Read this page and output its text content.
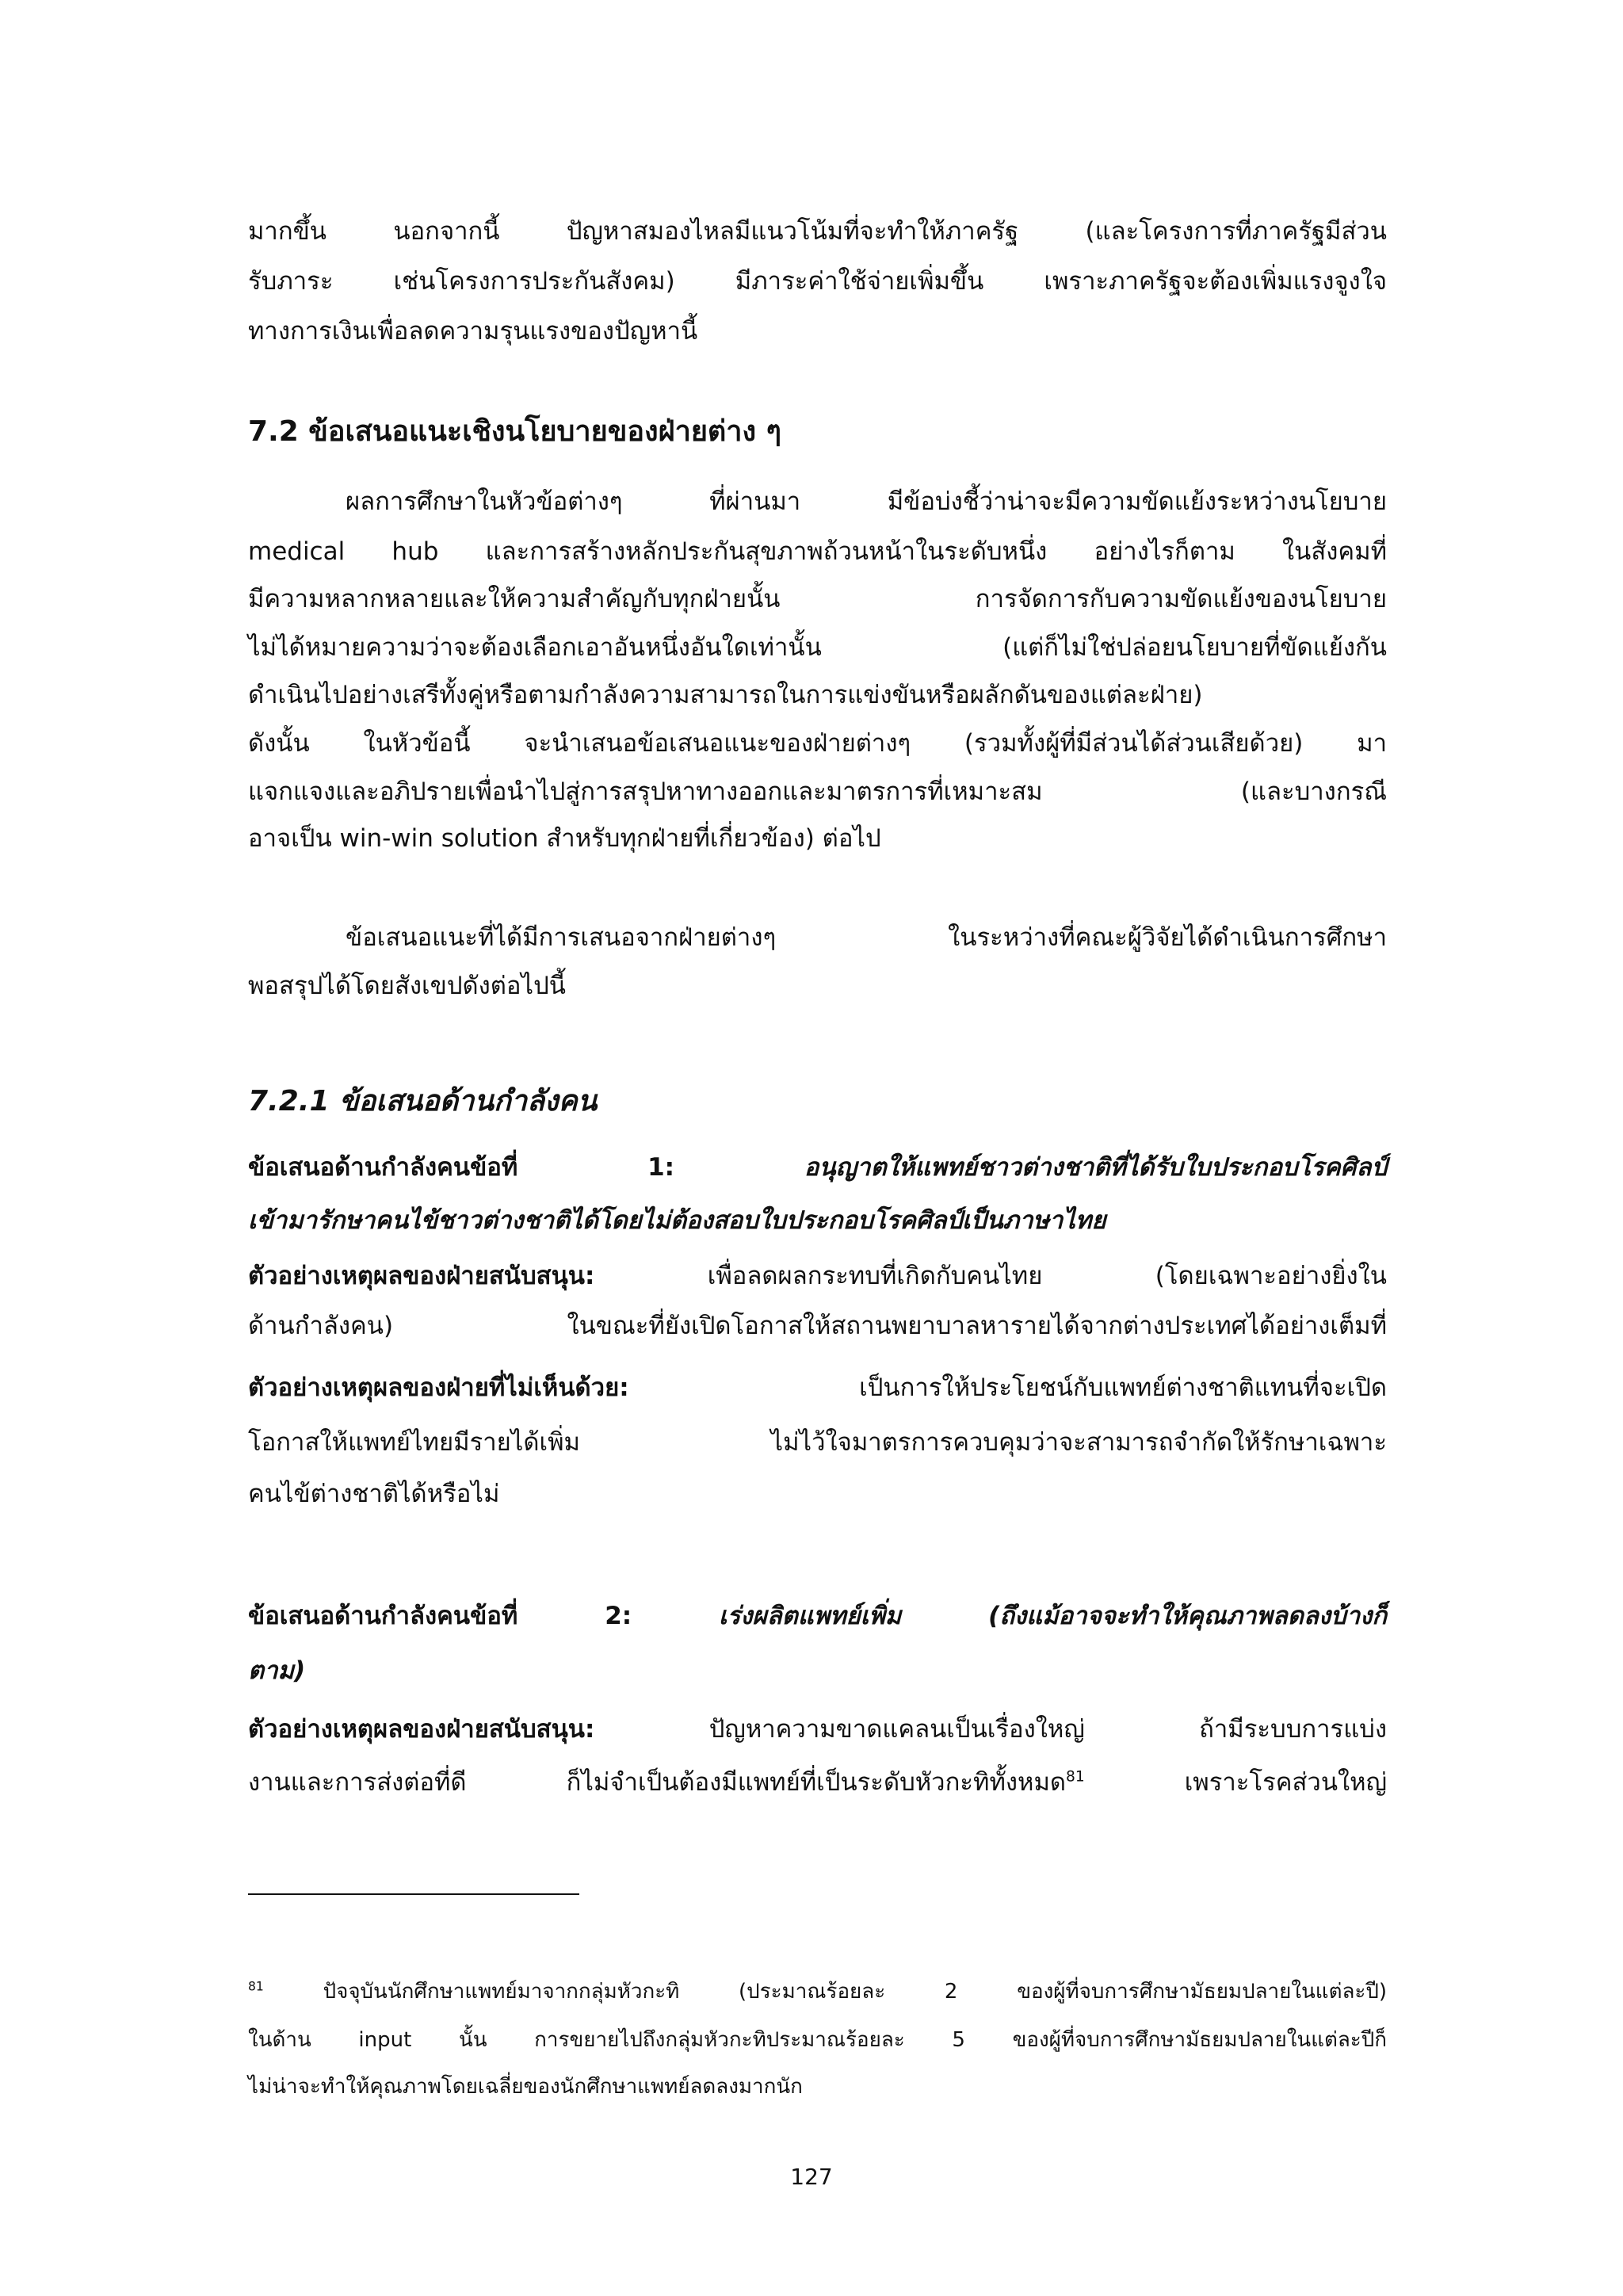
มากขึ้น นอกจากนี้ ปัญหาสมองไหลมีแนวโน้มที่จะทำให้ภาครัฐ (และโครงการที่ภาครัฐมีส่วน
รับภาระ เช่นโครงการประกันสังคม) มีภาระค่าใช้จ่ายเพิ่มขึ้น เพราะภาครัฐจะต้องเพิ่มแรงจูงใจ
ทางการเงินเพื่อลดความรุนแรงของปัญหานี้
7.2 ข้อเสนอแนะเชิงนโยบายของฝ่ายต่าง ๆ
ผลการศึกษาในหัวข้อต่างๆ ที่ผ่านมา มีข้อบ่งชี้ว่าน่าจะมีความขัดแย้งระหว่างนโยบาย
medical hub และการสร้างหลักประกันสุขภาพถ้วนหน้าในระดับหนึ่ง อย่างไรก็ตาม ในสังคมที่
มีความหลากหลายและให้ความสำคัญกับทุกฝ่ายนั้น การจัดการกับความขัดแย้งของนโยบาย
ไม่ได้หมายความว่าจะต้องเลือกเอาอันหนึ่งอันใดเท่านั้น (แต่ก็ไม่ใช่ปล่อยนโยบายที่ขัดแย้งกัน
ดำเนินไปอย่างเสรีทั้งคู่หรือตามกำลังความสามารถในการแข่งขันหรือผลักดันของแต่ละฝ่าย)
ดังนั้น ในหัวข้อนี้ จะนำเสนอข้อเสนอแนะของฝ่ายต่างๆ (รวมทั้งผู้ที่มีส่วนได้ส่วนเสียด้วย) มา
แจกแจงและอภิปรายเพื่อนำไปสู่การสรุปหาทางออกและมาตรการที่เหมาะสม (และบางกรณี
อาจเป็น win-win solution สำหรับทุกฝ่ายที่เกี่ยวข้อง) ต่อไป
ข้อเสนอแนะที่ได้มีการเสนอจากฝ่ายต่างๆ ในระหว่างที่คณะผู้วิจัยได้ดำเนินการศึกษา
พอสรุปได้โดยสังเขปดังต่อไปนี้
7.2.1 ข้อเสนอด้านกำลังคน
ข้อเสนอด้านกำลังคนข้อที่ 1: อนุญาตให้แพทย์ชาวต่างชาติที่ได้รับใบประกอบโรคศิลป์
เข้ามารักษาคนไข้ชาวต่างชาติได้โดยไม่ต้องสอบใบประกอบโรคศิลป์เป็นภาษาไทย
ตัวอย่างเหตุผลของฝ่ายสนับสนุน: เพื่อลดผลกระทบที่เกิดกับคนไทย (โดยเฉพาะอย่างยิ่งใน
ด้านกำลังคน) ในขณะที่ยังเปิดโอกาสให้สถานพยาบาลหารายได้จากต่างประเทศได้อย่างเต็มที่
ตัวอย่างเหตุผลของฝ่ายที่ไม่เห็นด้วย: เป็นการให้ประโยชน์กับแพทย์ต่างชาติแทนที่จะเปิด
โอกาสให้แพทย์ไทยมีรายได้เพิ่ม ไม่ไว้ใจมาตรการควบคุมว่าจะสามารถจำกัดให้รักษาเฉพาะ
คนไข้ต่างชาติได้หรือไม่
ข้อเสนอด้านกำลังคนข้อที่ 2: เร่งผลิตแพทย์เพิ่ม (ถึงแม้อาจจะทำให้คุณภาพลดลงบ้างก็
ตาม)
ตัวอย่างเหตุผลของฝ่ายสนับสนุน: ปัญหาความขาดแคลนเป็นเรื่องใหญ่ ถ้ามีระบบการแบ่ง
งานและการส่งต่อที่ดี ก็ไม่จำเป็นต้องมีแพทย์ที่เป็นระดับหัวกะทิทั้งหมด$^{81}$ เพราะโรคส่วนใหญ่
$^{81}$ ปัจจุบันนักศึกษาแพทย์มาจากกลุ่มหัวกะทิ (ประมาณร้อยละ 2 ของผู้ที่จบการศึกษามัธยมปลายในแต่ละปี)
ในด้าน input นั้น การขยายไปถึงกลุ่มหัวกะทิประมาณร้อยละ 5 ของผู้ที่จบการศึกษามัธยมปลายในแต่ละปีก็
ไม่น่าจะทำให้คุณภาพโดยเฉลี่ยของนักศึกษาแพทย์ลดลงมากนัก
127
